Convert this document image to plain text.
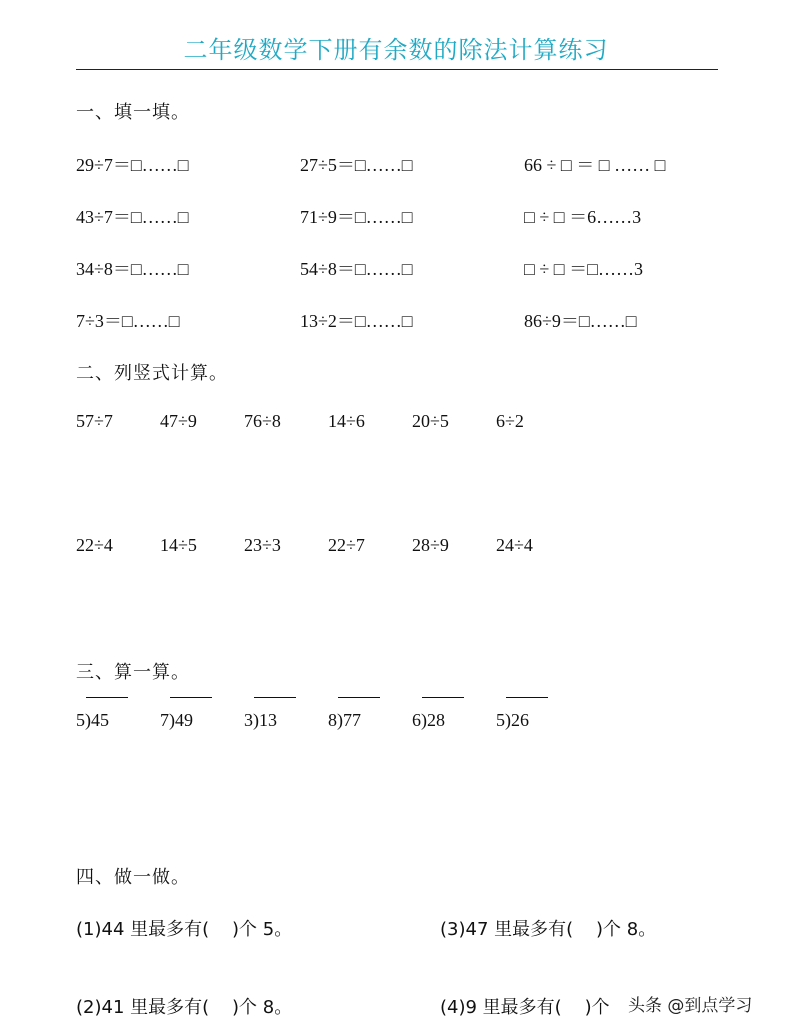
二年级数学下册有余数的除法计算练习
一、填一填。
29÷7＝□……□	27÷5＝□……□	66 ÷ □ ＝ □ …… □
43÷7＝□……□	71÷9＝□……□	□ ÷ □ ＝6……3
34÷8＝□……□	54÷8＝□……□	□ ÷ □ ＝□……3
7÷3＝□……□	13÷2＝□……□	86÷9＝□……□
二、列竖式计算。
57÷7	47÷9	76÷8	14÷6	20÷5	6÷2
22÷4	14÷5	23÷3	22÷7	28÷9	24÷4
三、算一算。
5)45	7)49	3)13	8)77	6)28	5)26
四、做一做。
(1)44 里最多有(    )个 5。	(3)47 里最多有(    )个 8。
(2)41 里最多有(    )个 8。	(4)9 里最多有(    )个 头条 @到点学习
